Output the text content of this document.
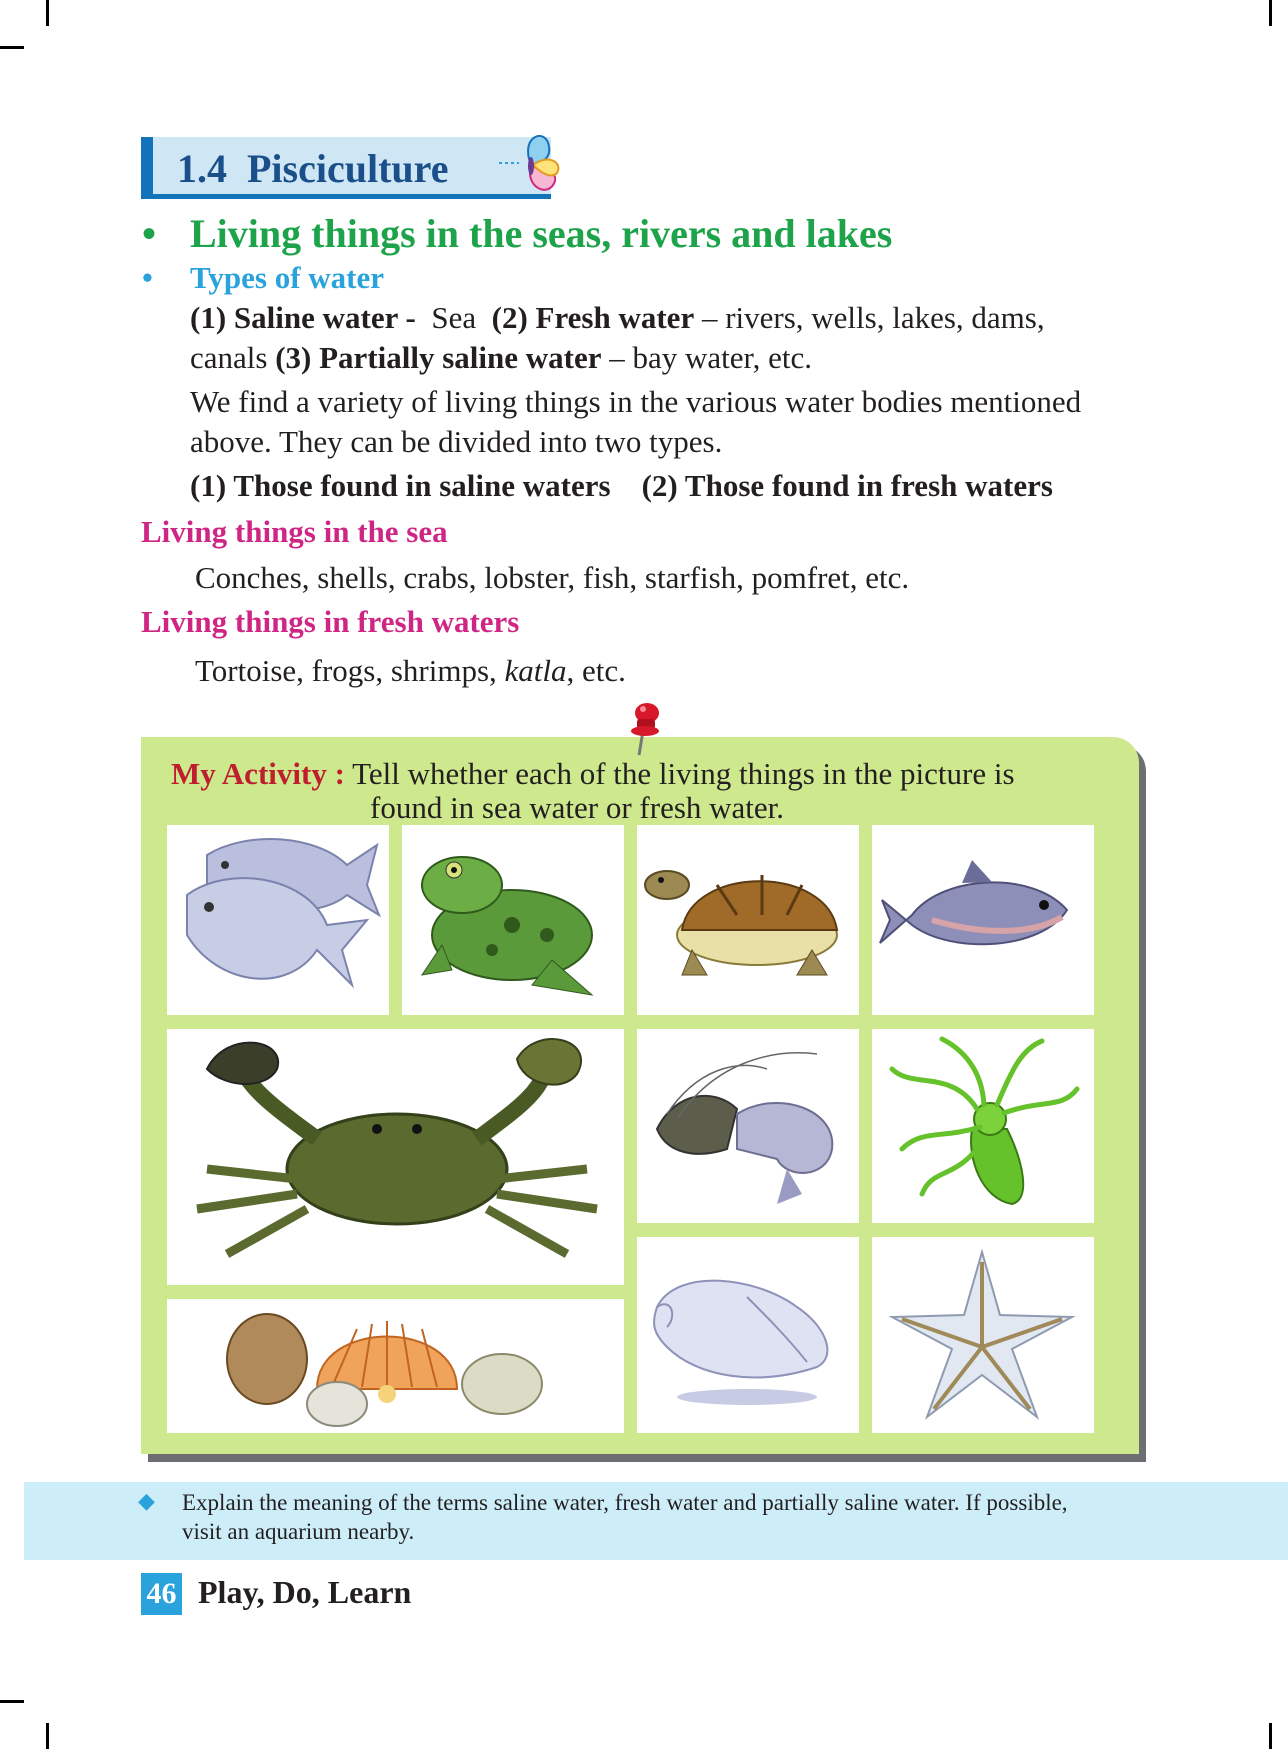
1.4 Pisciculture
• Living things in the seas, rivers and lakes
• Types of water
(1) Saline water - Sea (2) Fresh water – rivers, wells, lakes, dams,
canals (3) Partially saline water – bay water, etc.
We find a variety of living things in the various water bodies mentioned
above. They can be divided into two types.
(1) Those found in saline waters (2) Those found in fresh waters
Living things in the sea
Conches, shells, crabs, lobster, fish, starfish, pomfret, etc.
Living things in fresh waters
Tortoise, frogs, shrimps, katla, etc.
My Activity : Tell whether each of the living things in the picture is
found in sea water or fresh water.
◆ Explain the meaning of the terms saline water, fresh water and partially saline water. If possible,
visit an aquarium nearby.
46 Play, Do, Learn
